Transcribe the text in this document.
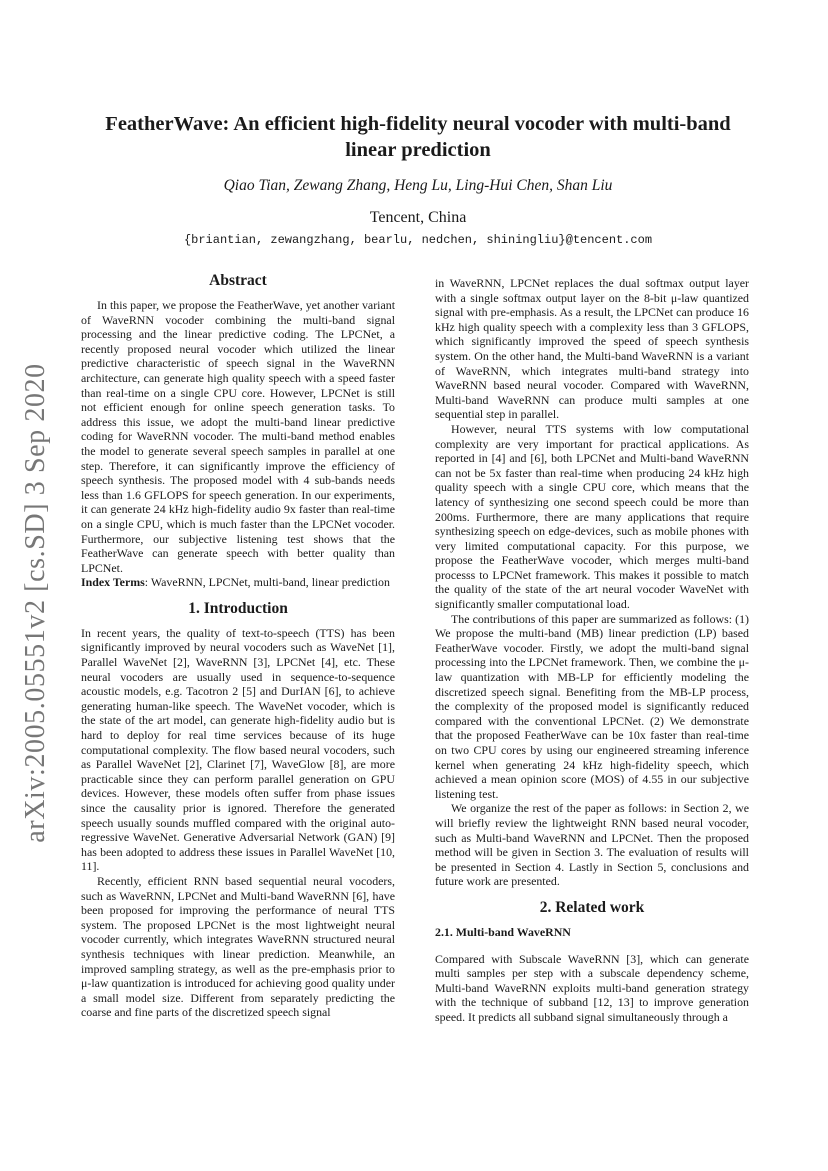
arXiv:2005.05551v2 [cs.SD] 3 Sep 2020
FeatherWave: An efficient high-fidelity neural vocoder with multi-band linear prediction
Qiao Tian, Zewang Zhang, Heng Lu, Ling-Hui Chen, Shan Liu
Tencent, China
{briantian, zewangzhang, bearlu, nedchen, shiningliu}@tencent.com
Abstract

In this paper, we propose the FeatherWave, yet another variant of WaveRNN vocoder combining the multi-band signal processing and the linear predictive coding. The LPCNet, a recently proposed neural vocoder which utilized the linear predictive characteristic of speech signal in the WaveRNN architecture, can generate high quality speech with a speed faster than real-time on a single CPU core. However, LPCNet is still not efficient enough for online speech generation tasks. To address this issue, we adopt the multi-band linear predictive coding for WaveRNN vocoder. The multi-band method enables the model to generate several speech samples in parallel at one step. Therefore, it can significantly improve the efficiency of speech synthesis. The proposed model with 4 sub-bands needs less than 1.6 GFLOPS for speech generation. In our experiments, it can generate 24 kHz high-fidelity audio 9x faster than real-time on a single CPU, which is much faster than the LPCNet vocoder. Furthermore, our subjective listening test shows that the FeatherWave can generate speech with better quality than LPCNet.

Index Terms: WaveRNN, LPCNet, multi-band, linear prediction

1. Introduction

In recent years, the quality of text-to-speech (TTS) has been significantly improved by neural vocoders such as WaveNet [1], Parallel WaveNet [2], WaveRNN [3], LPCNet [4], etc. These neural vocoders are usually used in sequence-to-sequence acoustic models, e.g. Tacotron 2 [5] and DurIAN [6], to achieve generating human-like speech. The WaveNet vocoder, which is the state of the art model, can generate high-fidelity audio but is hard to deploy for real time services because of its huge computational complexity. The flow based neural vocoders, such as Parallel WaveNet [2], Clarinet [7], WaveGlow [8], are more practicable since they can perform parallel generation on GPU devices. However, these models often suffer from phase issues since the causality prior is ignored. Therefore the generated speech usually sounds muffled compared with the original auto-regressive WaveNet. Generative Adversarial Network (GAN) [9] has been adopted to address these issues in Parallel WaveNet [10, 11].

Recently, efficient RNN based sequential neural vocoders, such as WaveRNN, LPCNet and Multi-band WaveRNN [6], have been proposed for improving the performance of neural TTS system. The proposed LPCNet is the most lightweight neural vocoder currently, which integrates WaveRNN structured neural synthesis techniques with linear prediction. Meanwhile, an improved sampling strategy, as well as the pre-emphasis prior to μ-law quantization is introduced for achieving good quality under a small model size. Different from separately predicting the coarse and fine parts of the discretized speech signal

in WaveRNN, LPCNet replaces the dual softmax output layer with a single softmax output layer on the 8-bit μ-law quantized signal with pre-emphasis. As a result, the LPCNet can produce 16 kHz high quality speech with a complexity less than 3 GFLOPS, which significantly improved the speed of speech synthesis system. On the other hand, the Multi-band WaveRNN is a variant of WaveRNN, which integrates multi-band strategy into WaveRNN based neural vocoder. Compared with WaveRNN, Multi-band WaveRNN can produce multi samples at one sequential step in parallel.

However, neural TTS systems with low computational complexity are very important for practical applications. As reported in [4] and [6], both LPCNet and Multi-band WaveRNN can not be 5x faster than real-time when producing 24 kHz high quality speech with a single CPU core, which means that the latency of synthesizing one second speech could be more than 200ms. Furthermore, there are many applications that require synthesizing speech on edge-devices, such as mobile phones with very limited computational capacity. For this purpose, we propose the FeatherWave vocoder, which merges multi-band processs to LPCNet framework. This makes it possible to match the quality of the state of the art neural vocoder WaveNet with significantly smaller computational load.

The contributions of this paper are summarized as follows: (1) We propose the multi-band (MB) linear prediction (LP) based FeatherWave vocoder. Firstly, we adopt the multi-band signal processing into the LPCNet framework. Then, we combine the μ-law quantization with MB-LP for efficiently modeling the discretized speech signal. Benefiting from the MB-LP process, the complexity of the proposed model is significantly reduced compared with the conventional LPCNet. (2) We demonstrate that the proposed FeatherWave can be 10x faster than real-time on two CPU cores by using our engineered streaming inference kernel when generating 24 kHz high-fidelity speech, which achieved a mean opinion score (MOS) of 4.55 in our subjective listening test.

We organize the rest of the paper as follows: in Section 2, we will briefly review the lightweight RNN based neural vocoder, such as Multi-band WaveRNN and LPCNet. Then the proposed method will be given in Section 3. The evaluation of results will be presented in Section 4. Lastly in Section 5, conclusions and future work are presented.

2. Related work
2.1. Multi-band WaveRNN

Compared with Subscale WaveRNN [3], which can generate multi samples per step with a subscale dependency scheme, Multi-band WaveRNN exploits multi-band generation strategy with the technique of subband [12, 13] to improve generation speed. It predicts all subband signal simultaneously through a
